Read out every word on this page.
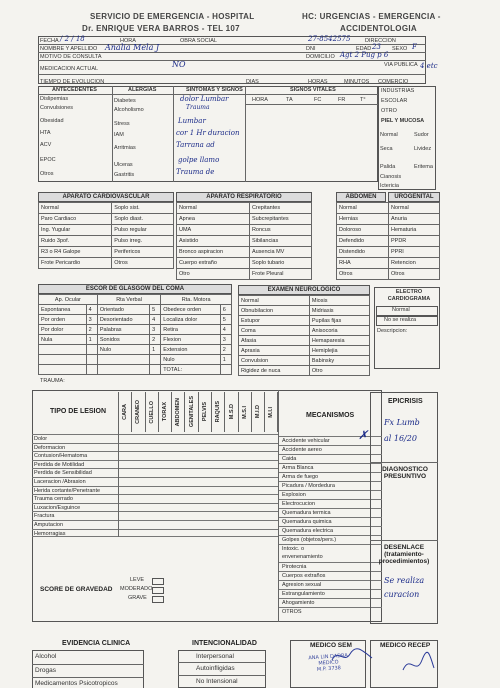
SERVICIO DE EMERGENCIA - HOSPITAL
Dr. ENRIQUE VERA BARROS - TEL 107
HC: URGENCIAS - EMERGENCIA -
ACCIDENTOLOGIA
FECHA / 2 / 18	HORA	OBRA SOCIAL	27-8542575	DIRECCION
NOMBRE Y APELLIDO Analia Mela J	DNI	EDAD 23 SEXO F
MOTIVO DE CONSULTA	DOMICILIO Agt 2 Pug p 6
MEDICACION ACTUAL	NO	VIA PUBLICA 4 etc
TIEMPO DE EVOLUCION	DIAS	HORAS	MINUTOS COMERCIO
ANTECEDENTES	ALERGIAS	SINTOMAS Y SIGNOS	SIGNOS VITALES
HORA	TA	FC	FR	T°
Dislipemias
Convulsiones
Obesidad
HTA
ACV
EPOC
Otros
Diabetes
Alcoholismo
Stress
IAM
Arritmias
Ulceras
Gastritis
dolor Lumbar
Trauma
Lumbar
cor 1 Hr duracion
Tarrana ad
golpe llamo
Trauma de
INDUSTRIAS
ESCOLAR
OTRO
PIEL Y MUCOSA
Normal	Sudor
Seca	Lividez
Palida	Eritema
Cianosis
Ictericia
APARATO CARDIOVASCULAR
Normal	Soplo sist.
Paro Cardiaco	Soplo diast.
Ing. Yugular	Pulso regular
Ruido 3pof.	Pulso irreg.
R3 o R4 Galope	Perifericos
Frote Pericardio	Otros
APARATO RESPIRATORIO
Normal	Crepitantes
Apnea	Subcrepitantes
UMA	Roncus
Asistido	Sibilancias
Bronco aspiracion	Ausencia MV
Cuerpo extraño	Soplo tubario
Otro	Frote Pleural
ABDOMEN	UROGENITAL
Normal	Normal
Hernias	Anuria
Doloroso	Hematuria
Defendido	PPDR
Distendido	PPRI
RHA	Retencion
Otros	Otros
ESCOR DE GLASGOW DEL COMA
Ap. Ocular		Rta Verbal		Rta. Motora	
Espontanea	4	Orientado	5	Obedece orden	6
Por orden	3	Desorientado	4	Localiza dolor	5
Por dolor	2	Palabras	3	Retira	4
Nula	1	Sonidos	2	Flexion	3
		Nulo	1	Extension	2
				Nulo	1
				TOTAL:	
EXAMEN NEUROLOGICO
Normal	Miosis
Obnubilacion	Midriasis
Estupor	Pupilas fijas
Coma	Anisocoria
Afasia	Hemaparesia
Apraxia	Hemiplejia
Convulsion	Babinsky
Rigidez de nuca	Otro
ELECTRO CARDIOGRAMA
Normal
No se realiza
Descripcion:
TRAUMA:
TIPO DE LESION	CARA CRANEO CUELLO TORAX ABDOMEN GENITALES PELVIS RAQUIS M.S.D M.S.I M.I.D M.I.I
Dolor
Deformacion
Contusion/Hematoma
Perdida de Motilidad
Perdida de Sensibilidad
Laceracion /Abrasion
Herida cortante/Penetrante
Trauma cerrado
Luxacion/Esguince
Fractura
Amputacion
Hemorragias
MECANISMOS
Accidente vehicular
Accidente aereo
Caida
Arma Blanca
Arma de fuego
Picadura / Mordedura
Explosion
Electrocucion
Quemadura termica
Quemadura quimica
Quemadura electrica
Golpes (objetos/pers.)
Intoxic. o
envenenamiento
Pirotecnia
Cuerpos extraños
Agresion sexual
Estrangulamiento
Ahogamiento
OTROS
SCORE DE GRAVEDAD
LEVE
MODERADO
GRAVE
EPICRISIS
Fx Lumb
al 16/20
✗
DIAGNOSTICO PRESUNTIVO
DESENLACE (tratamiento-procedimientos)
Se realiza
curacion
EVIDENCIA CLINICA
Alcohol
Drogas
Medicamentos Psicotropicos
INTENCIONALIDAD
Interpersonal
Autoinfligidas
No Intensional
MEDICO SEM	MEDICO RECEP
ANA LIN DADRA
MEDICO
M.P. 3738
